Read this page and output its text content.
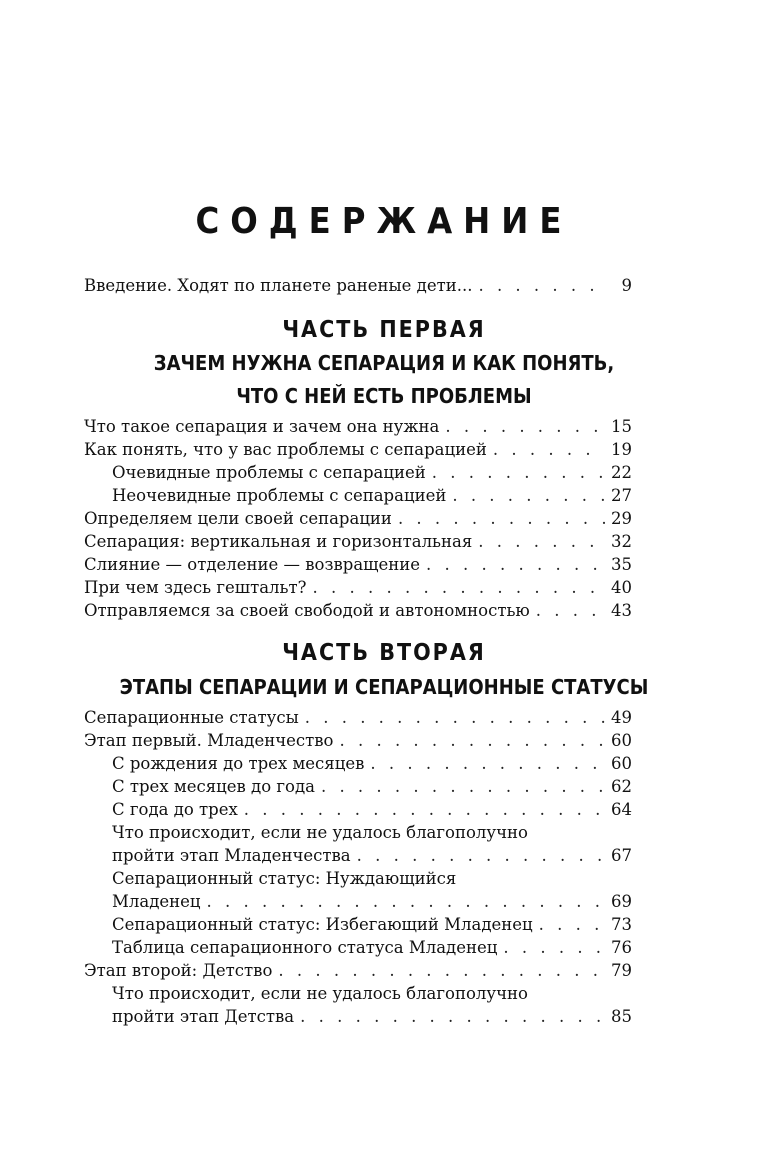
СОДЕРЖАНИЕ
Введение. Ходят по планете раненые дети... . . .	9
ЧАСТЬ ПЕРВАЯ
ЗАЧЕМ НУЖНА СЕПАРАЦИЯ И КАК ПОНЯТЬ,
ЧТО С НЕЙ ЕСТЬ ПРОБЛЕМЫ
Что такое сепарация и зачем она нужна . . .	15
Как понять, что у вас проблемы с сепарацией . . .	19
Очевидные проблемы с сепарацией . . .	22
Неочевидные проблемы с сепарацией . . .	27
Определяем цели своей сепарации . . .	29
Сепарация: вертикальная и горизонтальная . . .	32
Слияние — отделение — возвращение . . .	35
При чем здесь гештальт? . . .	40
Отправляемся за своей свободой и автономностью . . .	43
ЧАСТЬ ВТОРАЯ
ЭТАПЫ СЕПАРАЦИИ И СЕПАРАЦИОННЫЕ СТАТУСЫ
Сепарационные статусы . . .	49
Этап первый. Младенчество . . .	60
С рождения до трех месяцев . . .	60
С трех месяцев до года . . .	62
С года до трех . . .	64
Что происходит, если не удалось благополучно
пройти этап Младенчества . . .	67
Сепарационный статус: Нуждающийся
Младенец . . .	69
Сепарационный статус: Избегающий Младенец . . .	73
Таблица сепарационного статуса Младенец . . .	76
Этап второй: Детство . . .	79
Что происходит, если не удалось благополучно
пройти этап Детства . . .	85
